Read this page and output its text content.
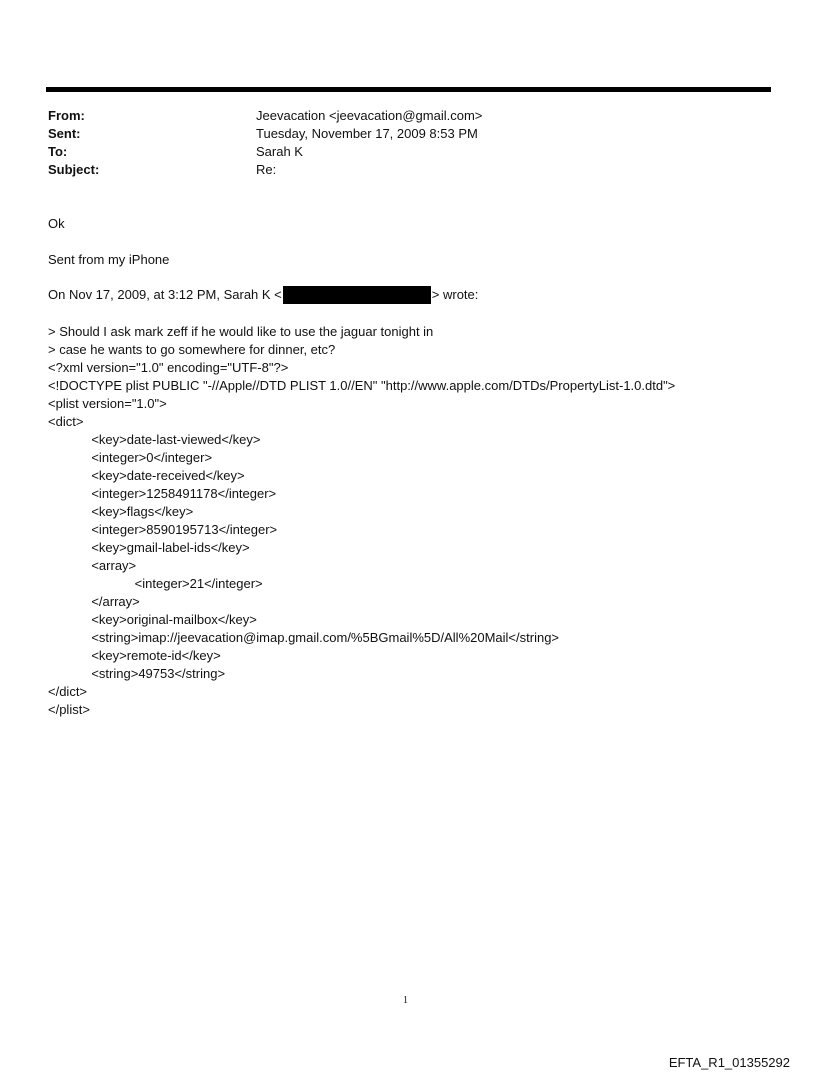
From:	Jeevacation <jeevacation@gmail.com>
Sent:	Tuesday, November 17, 2009 8:53 PM
To:	Sarah K
Subject:	Re:
Ok
Sent from my iPhone
On Nov 17, 2009, at 3:12 PM, Sarah K <	> wrote:
> Should I ask mark zeff if he would like to use the jaguar tonight in
> case he wants to go somewhere for dinner, etc?
<?xml version="1.0" encoding="UTF-8"?>
<!DOCTYPE plist PUBLIC "-//Apple//DTD PLIST 1.0//EN" "http://www.apple.com/DTDs/PropertyList-1.0.dtd">
<plist version="1.0">
<dict>
<key>date-last-viewed</key>
<integer>0</integer>
<key>date-received</key>
<integer>1258491178</integer>
<key>flags</key>
<integer>8590195713</integer>
<key>gmail-label-ids</key>
<array>
<integer>21</integer>
</array>
<key>original-mailbox</key>
<string>imap://jeevacation@imap.gmail.com/%5BGmail%5D/All%20Mail</string>
<key>remote-id</key>
<string>49753</string>
</dict>
</plist>
1
EFTA_R1_01355292
